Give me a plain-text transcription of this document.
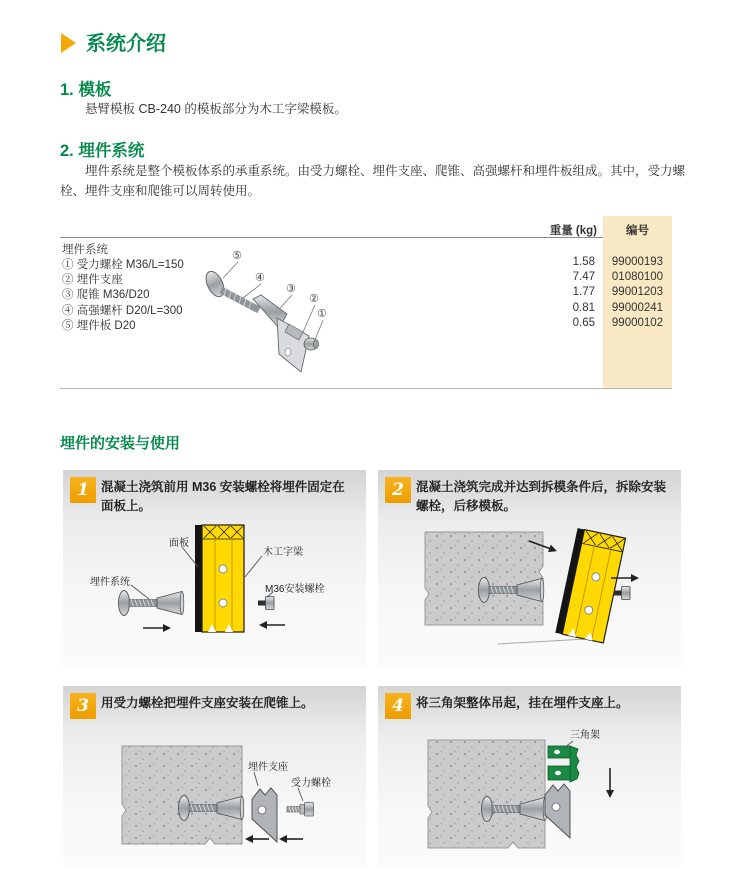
系统介绍
1. 模板
悬臂模板 CB-240 的模板部分为木工字梁模板。
2. 埋件系统
埋件系统是整个模板体系的承重系统。由受力螺栓、埋件支座、爬锥、高强螺杆和埋件板组成。其中，受力螺栓、埋件支座和爬锥可以周转使用。
重量 (kg)	编号
埋件系统
① 受力螺栓 M36/L=150	1.58	99000193
② 埋件支座	7.47	01080100
③ 爬锥 M36/D20	1.77	99001203
④ 高强螺杆 D20/L=300	0.81	99000241
⑤ 埋件板 D20	0.65	99000102
⑤
④
③
②
①
埋件的安装与使用
1 混凝土浇筑前用 M36 安装螺栓将埋件固定在面板上。
面板
木工字梁
埋件系统
M36安装螺栓
2 混凝土浇筑完成并达到拆模条件后，拆除安装螺栓，后移模板。
3 用受力螺栓把埋件支座安装在爬锥上。
埋件支座
受力螺栓
4 将三角架整体吊起，挂在埋件支座上。
三角架
